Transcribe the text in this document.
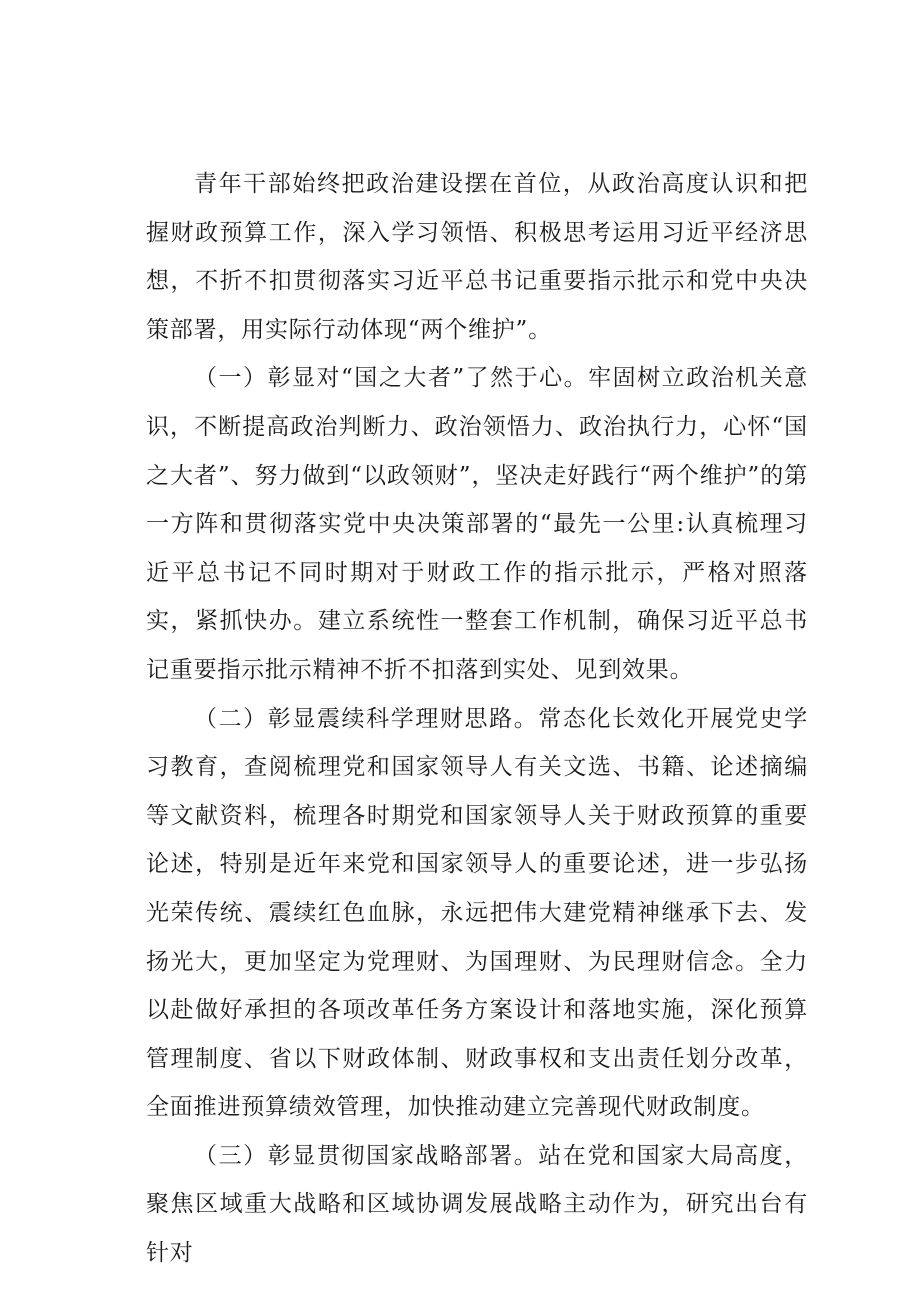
青年干部始终把政治建设摆在首位，从政治高度认识和把握财政预算工作，深入学习领悟、积极思考运用习近平经济思想，不折不扣贯彻落实习近平总书记重要指示批示和党中央决策部署，用实际行动体现“两个维护”。

（一）彰显对“国之大者”了然于心。牢固树立政治机关意识，不断提高政治判断力、政治领悟力、政治执行力，心怀“国之大者”、努力做到“以政领财”，坚决走好践行“两个维护”的第一方阵和贯彻落实党中央决策部署的“最先一公里:认真梳理习近平总书记不同时期对于财政工作的指示批示，严格对照落实，紧抓快办。建立系统性一整套工作机制，确保习近平总书记重要指示批示精神不折不扣落到实处、见到效果。

（二）彰显震续科学理财思路。常态化长效化开展党史学习教育，查阅梳理党和国家领导人有关文选、书籍、论述摘编等文献资料，梳理各时期党和国家领导人关于财政预算的重要论述，特别是近年来党和国家领导人的重要论述，进一步弘扬光荣传统、震续红色血脉，永远把伟大建党精神继承下去、发扬光大，更加坚定为党理财、为国理财、为民理财信念。全力以赴做好承担的各项改革任务方案设计和落地实施，深化预算管理制度、省以下财政体制、财政事权和支出责任划分改革，全面推进预算绩效管理，加快推动建立完善现代财政制度。

（三）彰显贯彻国家战略部署。站在党和国家大局高度，聚焦区域重大战略和区域协调发展战略主动作为，研究出台有针对
